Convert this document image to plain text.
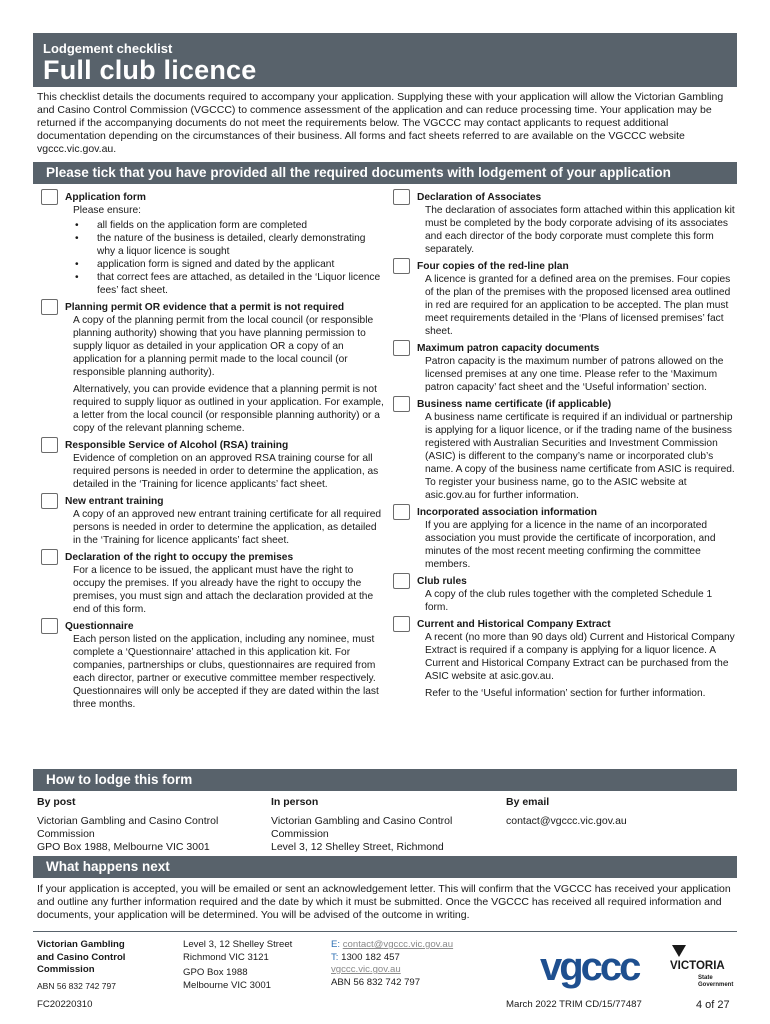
Lodgement checklist
Full club licence
This checklist details the documents required to accompany your application. Supplying these with your application will allow the Victorian Gambling and Casino Control Commission (VGCCC) to commence assessment of the application and can reduce processing time. Your application may be returned if the accompanying documents do not meet the requirements below. The VGCCC may contact applicants to request additional documentation depending on the circumstances of their business. All forms and fact sheets referred to are available on the VGCCC website vgccc.vic.gov.au.
Please tick that you have provided all the required documents with lodgement of your application
Application form

Please ensure:

• all fields on the application form are completed
• the nature of the business is detailed, clearly demonstrating why a liquor licence is sought
• application form is signed and dated by the applicant
• that correct fees are attached, as detailed in the ‘Liquor licence fees’ fact sheet.
Planning permit OR evidence that a permit is not required

A copy of the planning permit from the local council (or responsible planning authority) showing that you have planning permission to supply liquor as detailed in your application OR a copy of an application for a planning permit made to the local council (or responsible planning authority).

Alternatively, you can provide evidence that a planning permit is not required to supply liquor as outlined in your application. For example, a letter from the local council (or responsible planning authority) or a copy of the relevant planning scheme.

Responsible Service of Alcohol (RSA) training

Evidence of completion on an approved RSA training course for all required persons is needed in order to determine the application, as detailed in the ‘Training for licence applicants’ fact sheet.

New entrant training

A copy of an approved new entrant training certificate for all required persons is needed in order to determine the application, as detailed in the ‘Training for licence applicants’ fact sheet.

Declaration of the right to occupy the premises

For a licence to be issued, the applicant must have the right to occupy the premises. If you already have the right to occupy the premises, you must sign and attach the declaration provided at the end of this form.

Questionnaire

Each person listed on the application, including any nominee, must complete a ‘Questionnaire’ attached in this application kit. For companies, partnerships or clubs, questionnaires are required from each director, partner or executive committee member respectively. Questionnaires will only be accepted if they are dated within the last three months.

Declaration of Associates

The declaration of associates form attached within this application kit must be completed by the body corporate advising of its associates and each director of the body corporate must complete this form separately.

Four copies of the red-line plan

A licence is granted for a defined area on the premises. Four copies of the plan of the premises with the proposed licensed area outlined in red are required for an application to be accepted. The plan must meet requirements detailed in the ‘Plans of licensed premises’ fact sheet.

Maximum patron capacity documents

Patron capacity is the maximum number of patrons allowed on the licensed premises at any one time. Please refer to the ‘Maximum patron capacity’ fact sheet and the ‘Useful information’ section.

Business name certificate (if applicable)

A business name certificate is required if an individual or partnership is applying for a liquor licence, or if the trading name of the business registered with Australian Securities and Investment Commission (ASIC) is different to the company’s name or incorporated club’s name. A copy of the business name certificate from ASIC is required. To register your business name, go to the ASIC website at asic.gov.au for further information.

Incorporated association information

If you are applying for a licence in the name of an incorporated association you must provide the certificate of incorporation, and minutes of the most recent meeting confirming the committee members.

Club rules

A copy of the club rules together with the completed Schedule 1 form.

Current and Historical Company Extract

A recent (no more than 90 days old) Current and Historical Company Extract is required if a company is applying for a liquor licence. A Current and Historical Company Extract can be purchased from the ASIC website at asic.gov.au.

Refer to the ‘Useful information’ section for further information.

How to lodge this form
By post
Victorian Gambling and Casino Control Commission
GPO Box 1988, Melbourne VIC 3001
In person
Victorian Gambling and Casino Control Commission
Level 3, 12 Shelley Street, Richmond
By email
contact@vgccc.vic.gov.au
What happens next
If your application is accepted, you will be emailed or sent an acknowledgement letter. This will confirm that the VGCCC has received your application and outline any further information required and the date by which it must be submitted. Once the VGCCC has received all required information and documents, your application will be determined. You will be advised of the outcome in writing.
Victorian Gambling
and Casino Control
Commission
ABN 56 832 742 797
Level 3, 12 Shelley Street
Richmond VIC 3121
GPO Box 1988
Melbourne VIC 3001
E: contact@vgccc.vic.gov.au
T: 1300 182 457
vgccc.vic.gov.au
ABN 56 832 742 797	vgccc	VICTORIA
State
Government
FC20220310	March 2022 TRIM CD/15/77487	4 of 27
